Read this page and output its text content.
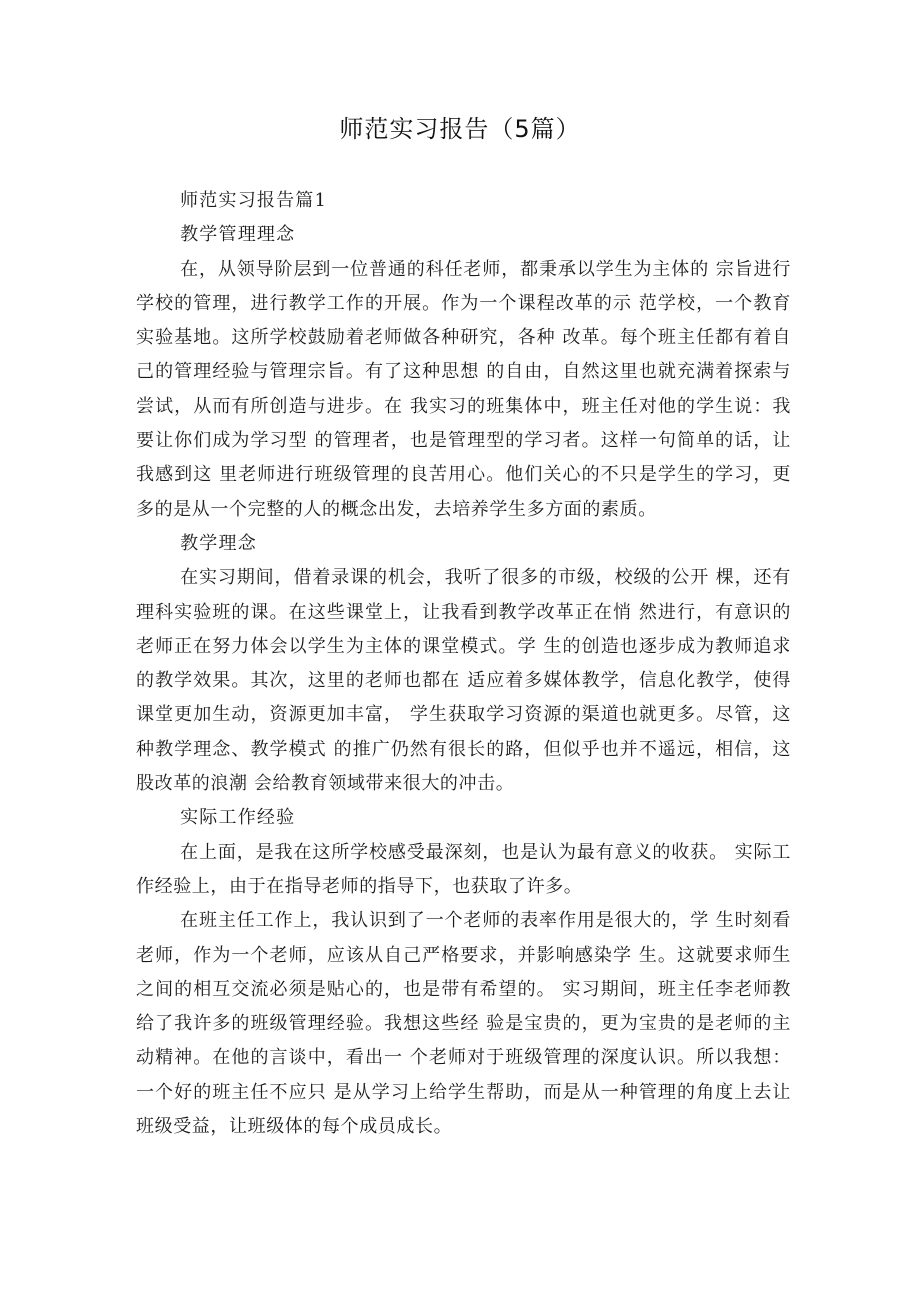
师范实习报告（5篇）

师范实习报告篇1

教学管理理念

在，从领导阶层到一位普通的科任老师，都秉承以学生为主体的 宗旨进行学校的管理，进行教学工作的开展。作为一个课程改革的示 范学校，一个教育实验基地。这所学校鼓励着老师做各种研究，各种 改革。每个班主任都有着自己的管理经验与管理宗旨。有了这种思想 的自由，自然这里也就充满着探索与尝试，从而有所创造与进步。在 我实习的班集体中，班主任对他的学生说：我要让你们成为学习型 的管理者，也是管理型的学习者。这样一句简单的话，让我感到这 里老师进行班级管理的良苦用心。他们关心的不只是学生的学习，更 多的是从一个完整的人的概念出发，去培养学生多方面的素质。

教学理念

在实习期间，借着录课的机会，我听了很多的市级，校级的公开 棵，还有理科实验班的课。在这些课堂上，让我看到教学改革正在悄 然进行，有意识的老师正在努力体会以学生为主体的课堂模式。学 生的创造也逐步成为教师追求的教学效果。其次，这里的老师也都在 适应着多媒体教学，信息化教学，使得课堂更加生动，资源更加丰富， 学生获取学习资源的渠道也就更多。尽管，这种教学理念、教学模式 的推广仍然有很长的路，但似乎也并不遥远，相信，这股改革的浪潮 会给教育领域带来很大的冲击。

实际工作经验

在上面，是我在这所学校感受最深刻，也是认为最有意义的收获。 实际工作经验上，由于在指导老师的指导下，也获取了许多。

在班主任工作上，我认识到了一个老师的表率作用是很大的，学 生时刻看老师，作为一个老师，应该从自己严格要求，并影响感染学 生。这就要求师生之间的相互交流必须是贴心的，也是带有希望的。 实习期间，班主任李老师教给了我许多的班级管理经验。我想这些经 验是宝贵的，更为宝贵的是老师的主动精神。在他的言谈中，看出一 个老师对于班级管理的深度认识。所以我想：一个好的班主任不应只 是从学习上给学生帮助，而是从一种管理的角度上去让班级受益，让班级体的每个成员成长。
